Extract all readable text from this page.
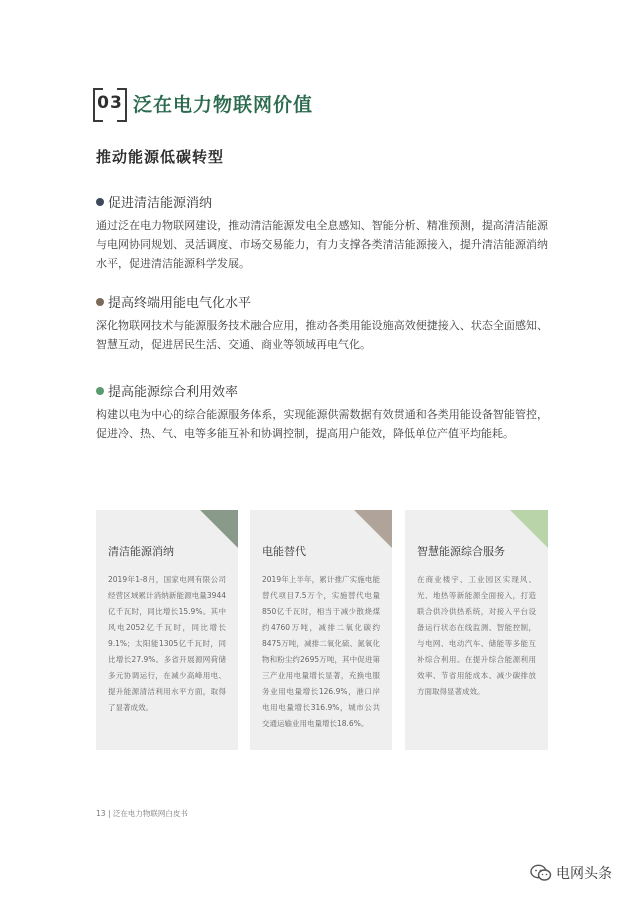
03 泛在电力物联网价值
推动能源低碳转型
促进清洁能源消纳
通过泛在电力物联网建设，推动清洁能源发电全息感知、智能分析、精准预测，提高清洁能源与电网协同规划、灵活调度、市场交易能力，有力支撑各类清洁能源接入，提升清洁能源消纳水平，促进清洁能源科学发展。
提高终端用能电气化水平
深化物联网技术与能源服务技术融合应用，推动各类用能设施高效便捷接入、状态全面感知、智慧互动，促进居民生活、交通、商业等领域再电气化。
提高能源综合利用效率
构建以电为中心的综合能源服务体系，实现能源供需数据有效贯通和各类用能设备智能管控，促进冷、热、气、电等多能互补和协调控制，提高用户能效，降低单位产值平均能耗。
清洁能源消纳
2019年1-8月，国家电网有限公司经营区域累计消纳新能源电量3944亿千瓦时，同比增长15.9%。其中风电2052亿千瓦时，同比增长9.1%；太阳能1305亿千瓦时，同比增长27.9%。多省开展源网荷储多元协调运行，在减少高峰用电、提升能源清洁利用水平方面，取得了显著成效。
电能替代
2019年上半年，累计推广实施电能替代项目7.5万个，实施替代电量850亿千瓦时，相当于减少散烧煤约4760万吨，减排二氧化碳约8475万吨，减排二氧化硫、氮氧化物和粉尘约2695万吨，其中促进第三产业用电量增长显著，充换电服务业用电量增长126.9%，港口岸电用电量增长316.9%，城市公共交通运输业用电量增长18.6%。
智慧能源综合服务
在商业楼宇、工业园区实现风、光、地热等新能源全面接入，打造联合供冷供热系统，对接入平台设备运行状态在线监测、智能控制，与电网、电动汽车、储能等多能互补综合利用。在提升综合能源利用效率、节省用能成本、减少碳排放方面取得显著成效。
13 | 泛在电力物联网白皮书
电网头条
